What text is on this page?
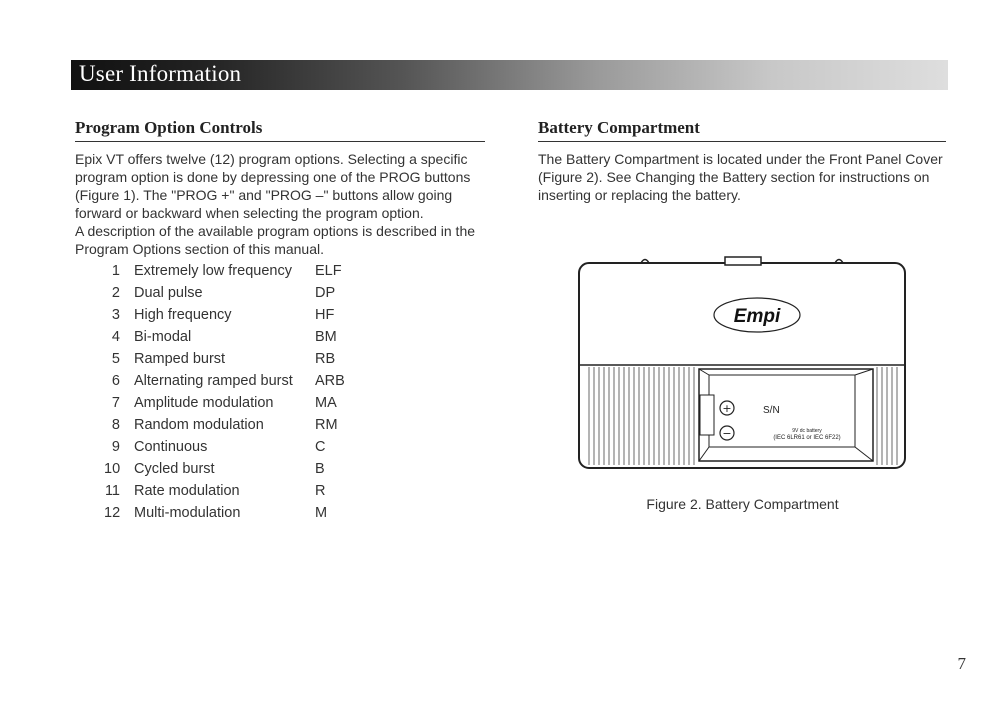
User Information
Program Option Controls
Epix VT offers twelve (12) program options. Selecting a specific program option is done by depressing one of the PROG buttons (Figure 1). The "PROG +" and "PROG –" buttons allow going forward or backward when selecting the program option.
A description of the available program options is described in the Program Options section of this manual.
1 Extremely low frequency ELF
2 Dual pulse	DP
3 High frequency	HF
4 Bi-modal	BM
5 Ramped burst	RB
6 Alternating ramped burst ARB
7 Amplitude modulation	MA
8 Random modulation	RM
9 Continuous	C
10 Cycled burst	B
11 Rate modulation	R
12 Multi-modulation	M
Battery Compartment
The Battery Compartment is located under the Front Panel Cover (Figure 2). See Changing the Battery section for instructions on inserting or replacing the battery.
+
−
S/N
9V dc battery
(IEC 6LR61 or IEC 6F22)
Empi
Figure 2. Battery Compartment
7
